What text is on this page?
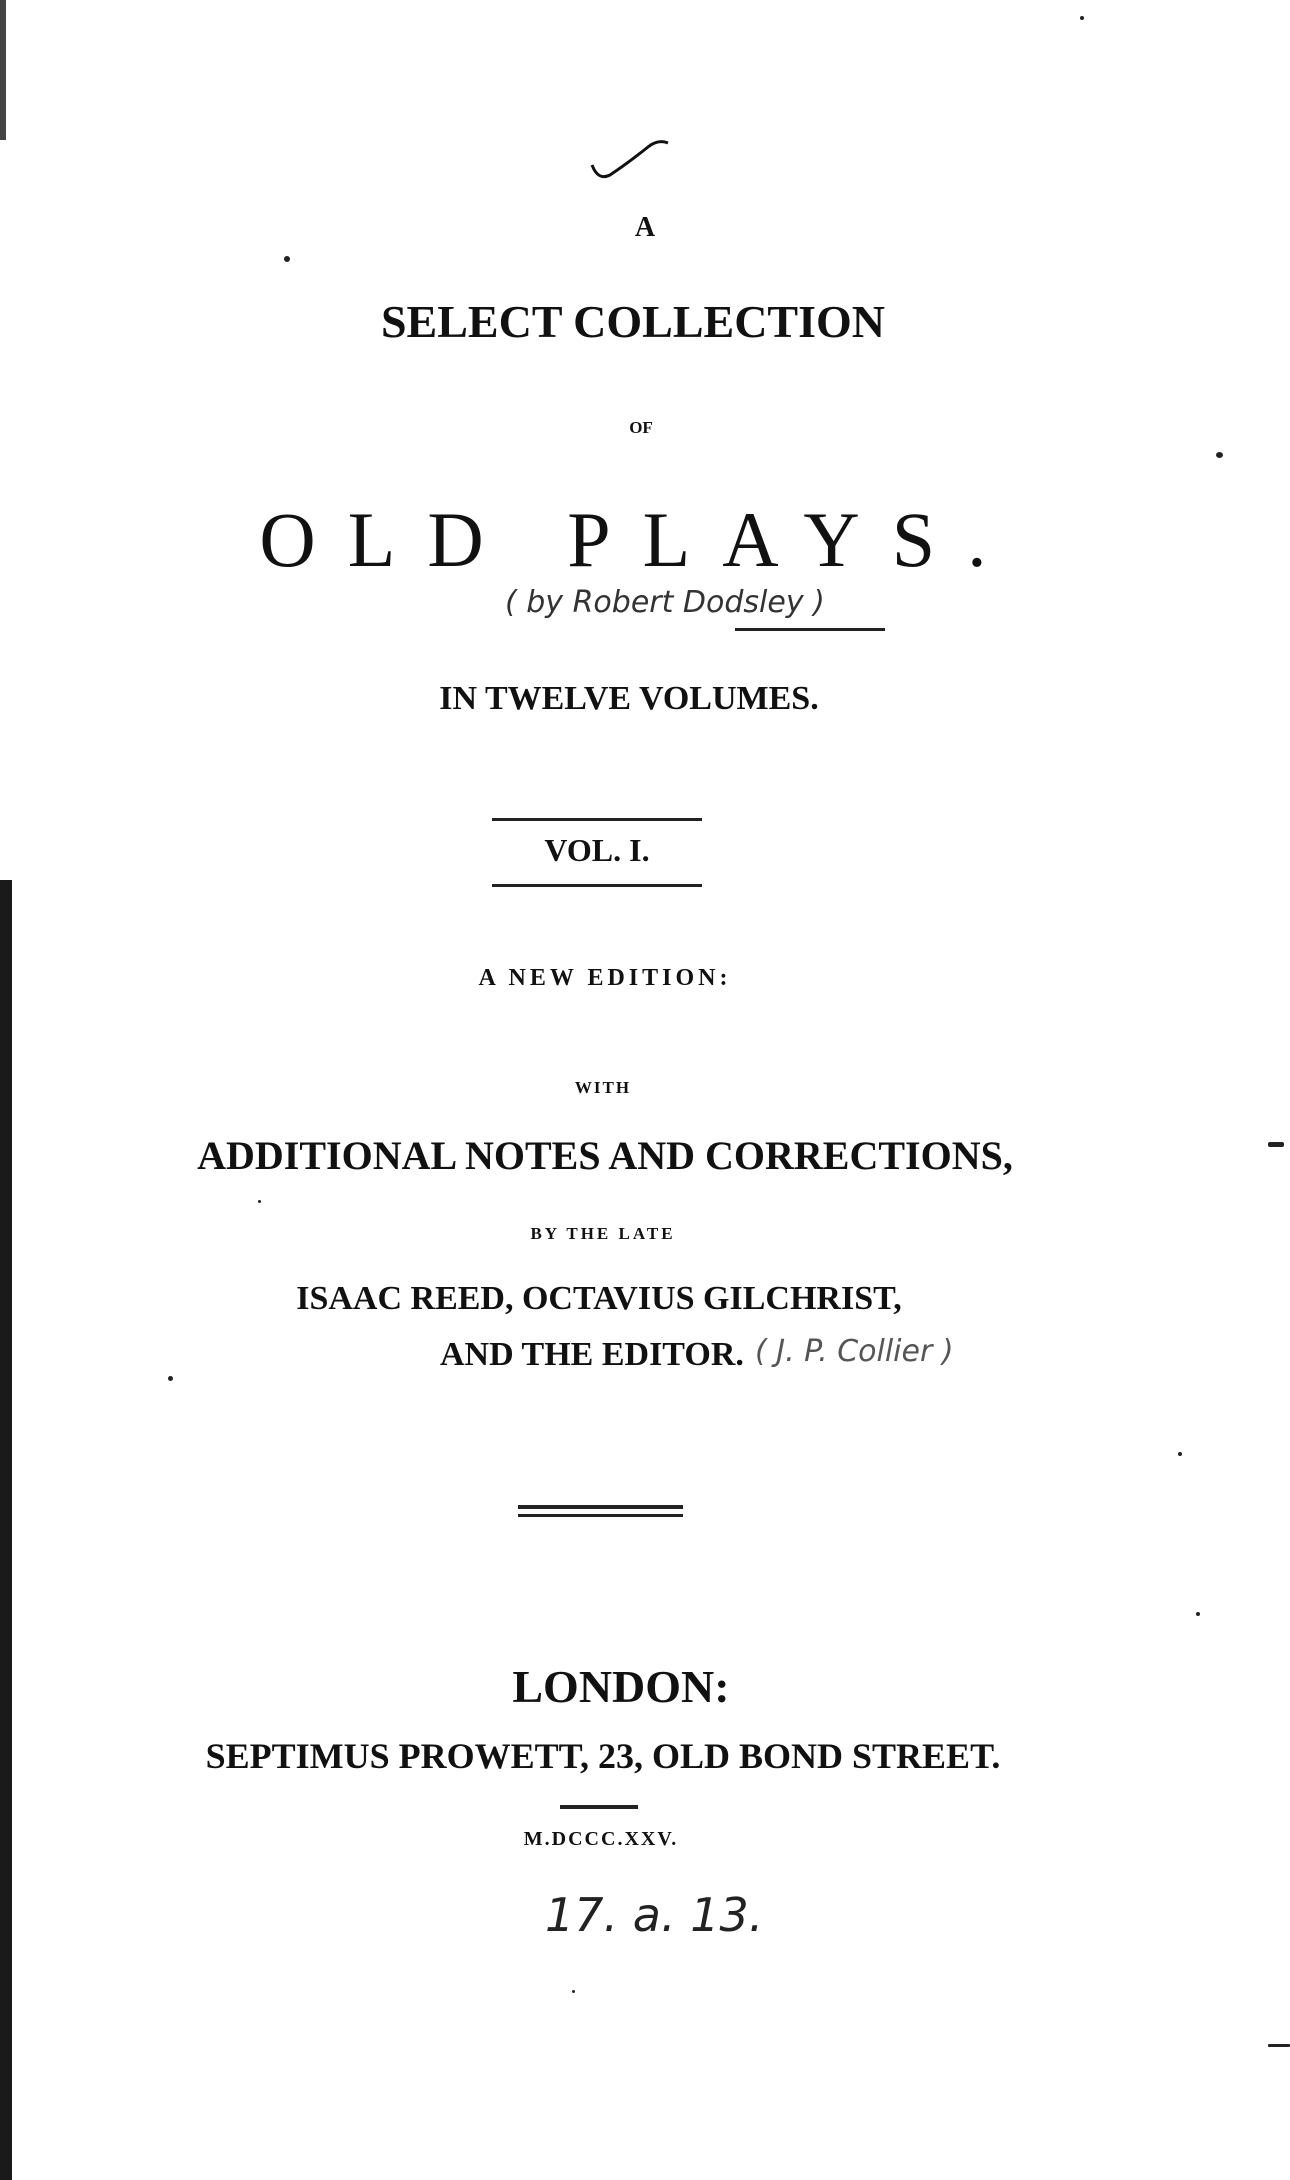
A
SELECT COLLECTION
OF
OLD PLAYS.
( by Robert Dodsley )
IN TWELVE VOLUMES.
VOL. I.
A NEW EDITION:
WITH
ADDITIONAL NOTES AND CORRECTIONS,
BY THE LATE
ISAAC REED, OCTAVIUS GILCHRIST,
AND THE EDITOR. ( J. P. Collier )
LONDON:
SEPTIMUS PROWETT, 23, OLD BOND STREET.
M.DCCC.XXV.
17. a. 13.
